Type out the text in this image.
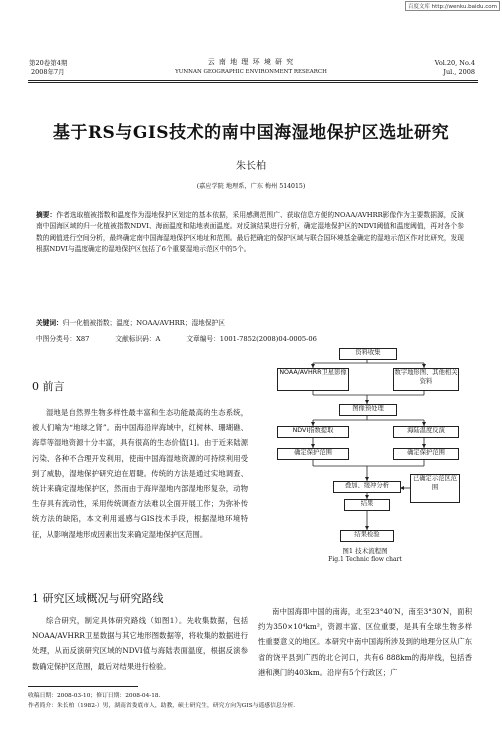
百度文库 http://wenku.baidu.com
第20卷第4期
2008年7月
云 南 地 理 环 境 研 究
YUNNAN GEOGRAPHIC ENVIRONMENT RESEARCH
Vol.20, No.4
Jul., 2008
基于RS与GIS技术的南中国海湿地保护区选址研究
朱长柏
(嘉应学院 地理系，广东 梅州 514015)
摘要：作者选取植被指数和温度作为湿地保护区划定的基本依据，采用感测范围广、获取信息方便的NOAA/AVHRR影像作为主要数据源，反演南中国海区域的归一化植被指数NDVI、海面温度和陆地表面温度。对反演结果进行分析，确定湿地保护区的NDVI阈值和温度阈值，再对各个参数的阈值进行空间分析，最终确定南中国海湿地保护区地址和范围。最后把确定的保护区域与联合国环境基金确定的湿地示范区作对比研究，发现根据NDVI与温度确定的湿地保护区包括了6个重要湿地示范区中的5个。
关键词：归一化植被指数；温度；NOAA/AVHRR；湿地保护区
中图分类号：X87	文献标识码：A	文章编号：1001-7852(2008)04-0005-06
0 前言
湿地是自然界生物多样性最丰富和生态功能最高的生态系统，被人们喻为“地球之肾”。南中国海沿岸海域中，红树林、珊瑚礁、海草等湿地资源十分丰富，具有很高的生态价值[1]。由于近来陆源污染、各种不合理开发利用，使南中国海湿地资源的可持续利用受到了威胁，湿地保护研究迫在眉睫。传统的方法是通过实地调查、统计来确定湿地保护区，然而由于海岸湿地内部湿地形复杂，动物生存具有流动性，采用传统调查方法难以全面开展工作；为弥补传统方法的缺陷，本文利用遥感与GIS技术手段，根据湿地环境特征，从影响湿地形成因素出发来确定湿地保护区范围。
1 研究区域概况与研究路线
综合研究，制定具体研究路线（如图1）。先收集数据，包括NOAA/AVHRR卫星数据与其它地形图数据等，将收集的数据进行处理，从而反演研究区域的NDVI值与海陆表面温度，根据反演参数确定保护区范围，最后对结果进行检验。
南中国海即中国的南海，北至23°40′N，南至3°30′N，面积约为350×10⁴km²，资源丰富、区位重要，是具有全球生物多样性重要意义的地区。本研究中南中国海所涉及到的地理分区从广东省的饶平县到广西的北仑河口，共有6 888km的海岸线，包括香港和澳门的403km。沿岸有5个行政区；广
资料收集
NOAA/AVHRR卫星影像	数字地形图、其他相关资料
图像预处理
NDVI指数提取	海陆温度反演
确定保护范围	确定保护范围
叠加、缓冲分析
已确定示范区范围
结果
结果检验
图1 技术流程图
Fig.1 Technic flow chart
收稿日期：2008-03-10；修订日期：2008-04-18.
作者简介：朱长柏（1982-）男，湖南省娄底市人，助教，硕士研究生，研究方向为GIS与遥感信息分析.
